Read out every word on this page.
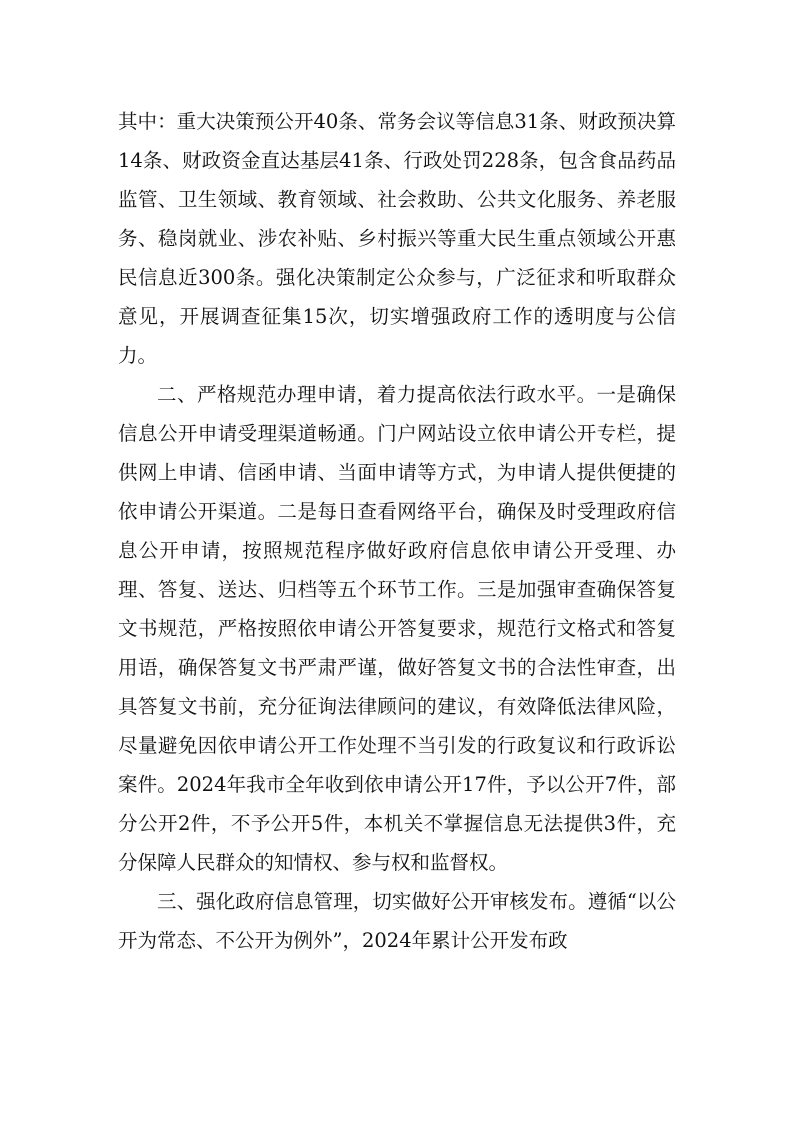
其中：重大决策预公开40条、常务会议等信息31条、财政预决算14条、财政资金直达基层41条、行政处罚228条，包含食品药品监管、卫生领域、教育领域、社会救助、公共文化服务、养老服务、稳岗就业、涉农补贴、乡村振兴等重大民生重点领域公开惠民信息近300条。强化决策制定公众参与，广泛征求和听取群众意见，开展调查征集15次，切实增强政府工作的透明度与公信力。

二、严格规范办理申请，着力提高依法行政水平。一是确保信息公开申请受理渠道畅通。门户网站设立依申请公开专栏，提供网上申请、信函申请、当面申请等方式，为申请人提供便捷的依申请公开渠道。二是每日查看网络平台，确保及时受理政府信息公开申请，按照规范程序做好政府信息依申请公开受理、办理、答复、送达、归档等五个环节工作。三是加强审查确保答复文书规范，严格按照依申请公开答复要求，规范行文格式和答复用语，确保答复文书严肃严谨，做好答复文书的合法性审查，出具答复文书前，充分征询法律顾问的建议，有效降低法律风险，尽量避免因依申请公开工作处理不当引发的行政复议和行政诉讼案件。2024年我市全年收到依申请公开17件，予以公开7件，部分公开2件，不予公开5件，本机关不掌握信息无法提供3件，充分保障人民群众的知情权、参与权和监督权。

三、强化政府信息管理，切实做好公开审核发布。遵循“以公开为常态、不公开为例外”，2024年累计公开发布政
